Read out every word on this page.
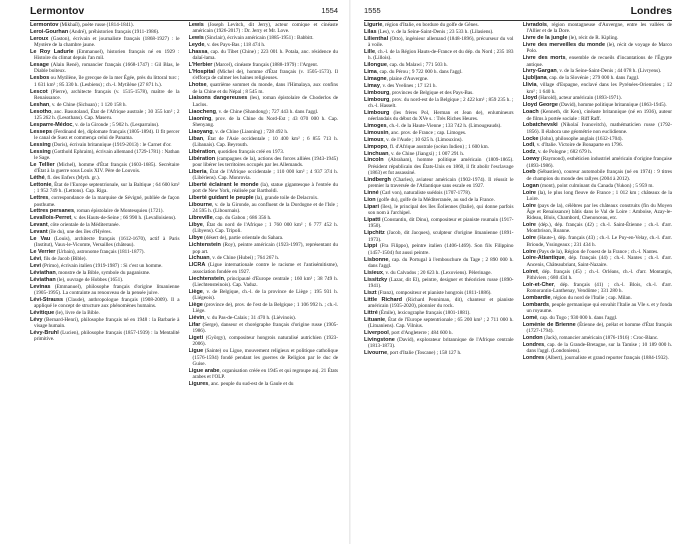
Lermontov	1554

Lermontov (Mikhaïl), poète russe (1814-1841).

Leroi-Gourhan (André), préhistorien français (1911-1986).

Leroux (Gaston), écrivain et journaliste français (1868-1927) : le Mystère de la chambre jaune.

Le Roy Ladurie (Emmanuel), historien français né en 1929 : Histoire du climat depuis l'an mil.

Lesage (Alain René), romancier français (1668-1747) : Gil Blas, le Diable boiteux.

Lesbos ou Mytilène, île grecque de la mer Égée, près du littoral turc ; 1 631 km² ; 85 330 h. (Lesbiens) ; ch.-l. Mytilène (27 871 h.).

Lescot (Pierre), architecte français (v. 1515-1578), maître de la Renaissance.

Leshan, v. de Chine (Sichuan) ; 1 120 158 h.

Lesotho, anc. Basutoland, État de l'Afrique australe ; 30 355 km² ; 2 125 262 h. (Lesothans). Cap. Maseru.

Lesparre-Médoc, v. de la Gironde ; 5 902 h. (Lesparrains).

Lesseps (Ferdinand de), diplomate français (1805-1894). Il fit percer le canal de Suez et commença celui de Panama.

Lessing (Doris), écrivain britannique (1919-2013) : le Carnet d'or.

Lessing (Gotthold Ephraim), écrivain allemand (1729-1781) : Nathan le Sage.

Le Tellier (Michel), homme d'État français (1603-1685). Secrétaire d'État à la guerre sous Louis XIV. Père de Louvois.

Léthé, fl. des Enfers (Myth. gr.).

Lettonie, État de l'Europe septentrionale, sur la Baltique ; 64 600 km² ; 1 952 749 h. (Lettons). Cap. Riga.

Lettres, correspondance de la marquise de Sévigné, publiée de façon posthume.

Lettres persanes, roman épistolaire de Montesquieu (1721).

Levallois-Perret, v. des Hauts-de-Seine ; 66 990 h. (Levalloisiens).

Levant, côte orientale de la Méditerranée.

Levant (île du), une des îles d'Hyères.

Le Vau (Louis), architecte français (1612-1670), actif à Paris (Institut), Vaux-le-Vicomte, Versailles (château).

Le Verrier (Urbain), astronome français (1811-1877).

Lévi, fils de Jacob (Bible).

Levi (Primo), écrivain italien (1919-1987) : Si c'est un homme.

Léviathan, monstre de la Bible, symbole du paganisme.

Léviathan (le), ouvrage de Hobbes (1651).

Levinas (Emmanuel), philosophe français d'origine lituanienne (1905-1995). La contrainte au renouveau de la pensée juive.

Lévi-Strauss (Claude), anthropologue français (1908-2009). Il a appliqué le concept de structure aux phénomènes humains.

Lévitique (le), livre de la Bible.

Lévy (Bernard-Henri), philosophe français né en 1948 : la Barbarie à visage humain.

Lévy-Bruhl (Lucien), philosophe français (1857-1939) : la Mentalité primitive.

Lewis (Joseph Levitch, dit Jerry), acteur comique et cinéaste américain (1926-2017) : Dr. Jerry et Mr. Love.

Lewis (Sinclair), écrivain américain (1885-1951) : Babbitt.

Leyde, v. des Pays-Bas ; 118 474 h.

Lhassa, cap. du Tibet (Chine) ; 223 001 h. Potala, anc. résidence du dalaï-lama.

L'Herbier (Marcel), cinéaste français (1888-1979) : l'Argent.

L'Hospital (Michel de), homme d'État français (v. 1505-1573). Il s'efforça de calmer les haines religieuses.

Lhotse, quatrième sommet du monde, dans l'Himalaya, aux confins de la Chine et du Népal ; 8 545 m.

Liaisons dangereuses (les), roman épistolaire de Choderlos de Laclos.

Liaocheng, v. de Chine (Shandong) ; 727 443 h. dans l'aggl.

Liaoning, prov. de la Chine du Nord-Est ; 43 070 000 h. Cap. Shenyang.

Liaoyang, v. de Chine (Liaoning) ; 728 492 h.

Liban, État de l'Asie occidentale ; 10 400 km² ; 6 855 713 h. (Libanais). Cap. Beyrouth.

Libération, quotidien français créé en 1973.

Libération (campagnes de la), actions des forces alliées (1943-1945) pour libérer les territoires occupés par les Allemands.

Liberia, État de l'Afrique occidentale ; 110 000 km² ; 4 937 374 h. (Libériens). Cap. Monrovia.

Liberté éclairant le monde (la), statue gigantesque à l'entrée du port de New York, réalisée par Bartholdi.

Liberté guidant le peuple (la), grande toile de Delacroix.

Libourne, v. de la Gironde, au confluent de la Dordogne et de l'Isle ; 24 595 h. (Libournais).

Libreville, cap. du Gabon ; 686 356 h.

Libye, État du nord de l'Afrique ; 1 760 000 km² ; 6 777 452 h. (Libyens). Cap. Tripoli.

Libye (désert de), partie orientale du Sahara.

Lichtenstein (Roy), peintre américain (1923-1997), représentant du pop art.

Lichuan, v. de Chine (Hubei) ; 764 267 h.

LICRA (Ligue internationale contre le racisme et l'antisémitisme), association fondée en 1927.

Liechtenstein, principauté d'Europe centrale ; 160 km² ; 38 749 h. (Liechtensteinois). Cap. Vaduz.

Liège, v. de Belgique, ch.-l. de la province de Liège ; 195 931 h. (Liégeois).

Liège (province de), prov. de l'est de la Belgique ; 1 106 992 h. ; ch.-l. Liège.

Liévin, v. du Pas-de-Calais ; 31 470 h. (Liévinois).

Lifar (Serge), danseur et chorégraphe français d'origine russe (1905-1986).

Ligeti (György), compositeur hongrois naturalisé autrichien (1923-2006).

Ligue (Sainte) ou Ligue, mouvement religieux et politique catholique (1576-1594) fondé pendant les guerres de Religion par le duc de Guise.

Ligue arabe, organisation créée en 1945 et qui regroupe auj. 21 États arabes et l'OLP.

Ligures, anc. peuple du sud-est de la Gaule et du

1555	Londres

Ligurie, région d'Italie, en bordure du golfe de Gênes.

Lilas (Les), v. de la Seine-Saint-Denis ; 23 533 h. (Lilasiens).

Lilienthal (Otto), ingénieur allemand (1848-1896), précurseur du vol à voile.

Lille, ch.-l. de la Région Hauts-de-France et du dép. du Nord ; 235 183 h. (Lillois).

Lilongue, cap. du Malawi ; 771 503 h.

Lima, cap. du Pérou ; 9 722 000 h. dans l'aggl.

Limagne, plaine d'Auvergne.

Limay, v. des Yvelines ; 17 121 h.

Limbourg, provinces de Belgique et des Pays-Bas.

Limbourg, prov. du nord-est de la Belgique ; 2 422 km² ; 859 235 h. ; ch.-l. Hasselt.

Limbourg (les frères Pol, Herman et Jean de), enlumineurs néerlandais du début du XVe s. : Très Riches Heures.

Limoges, ch.-l. de la Haute-Vienne ; 133 742 h. (Limougeauds).

Limousin, anc. prov. de France ; cap. Limoges.

Limoux, v. de l'Aude ; 10 625 h. (Limouxins).

Limpopo, fl. d'Afrique australe (océan Indien) ; 1 600 km.

Linchuan, v. de Chine (Jiangxi) ; 1 007 291 h.

Lincoln (Abraham), homme politique américain (1809-1865). Président républicain des États-Unis en 1860, il fit abolir l'esclavage (1863) et fut assassiné.

Lindbergh (Charles), aviateur américain (1902-1974). Il réussit le premier la traversée de l'Atlantique sans escale en 1927.

Linné (Carl von), naturaliste suédois (1707-1778).

Lion (golfe du), golfe de la Méditerranée, au sud de la France.

Lipari (îles), le principal des îles Éoliennes (Italie), qui donne parfois son nom à l'archipel.

Lipatti (Constantin, dit Dinu), compositeur et pianiste roumain (1917-1950).

Lipchitz (Jacob, dit Jacques), sculpteur d'origine lituanienne (1891-1973).

Lippi (Fra Filippo), peintre italien (1406-1469). Son fils Filippino (1457-1504) fut aussi peintre.

Lisbonne, cap. du Portugal à l'embouchure du Tage ; 2 890 000 h. dans l'aggl.

Lisieux, v. du Calvados ; 20 623 h. (Lexoviens). Pèlerinage.

Lissitzky (Lazar, dit El), peintre, designer et théoricien russe (1890-1941).

Liszt (Franz), compositeur et pianiste hongrois (1811-1886).

Little Richard (Richard Penniman, dit), chanteur et pianiste américain (1935-2020), pionnier du rock.

Littré (Émile), lexicographe français (1801-1881).

Lituanie, État de l'Europe septentrionale ; 65 200 km² ; 2 711 000 h. (Lituaniens). Cap. Vilnius.

Liverpool, port d'Angleterre ; 484 600 h.

Livingstone (David), explorateur britannique de l'Afrique centrale (1813-1873).

Livourne, port d'Italie (Toscane) ; 158 127 h.

Livradois, région montagneuse d'Auvergne, entre les vallées de l'Allier et de la Dore.

Livre de la jungle (le), récit de R. Kipling.

Livre des merveilles du monde (le), récit de voyage de Marco Polo.

Livre des morts, ensemble de recueils d'incantations de l'Égypte antique.

Livry-Gargan, v. de la Seine-Saint-Denis ; 44 078 h. (Livryens).

Ljubljana, cap. de la Slovénie ; 279 000 h. dans l'aggl.

Llivia, village d'Espagne, enclavé dans les Pyrénées-Orientales ; 12 km² ; 1 640 h.

Lloyd (Harold), acteur américain (1893-1971).

Lloyd George (David), homme politique britannique (1863-1945).

Loach (Kenneth, dit Ken), cinéaste britannique (né en 1936), auteur de films à portée sociale : Riff Raff.

Lobatchevski (Nikolaï Ivanovitch), mathématicien russe (1792-1856). Il élabora une géométrie non euclidienne.

Locke (John), philosophe anglais (1632-1704).

Lodi, v. d'Italie. Victoire de Bonaparte en 1796.

Lodz, v. de Pologne ; 682 679 h.

Loewy (Raymond), esthéticien industriel américain d'origine française (1893-1986).

Loeb (Sébastien), coureur automobile français (né en 1974) : 9 titres de champion du monde des rallyes (2004 à 2012).

Logan (mont), point culminant du Canada (Yukon) ; 5 959 m.

Loire (la), le plus long fleuve de France ; 1 012 km ; châteaux de la Loire.

Loire (pays de la), célèbres par les châteaux construits (fin du Moyen Âge et Renaissance) bâtis dans le Val de Loire : Amboise, Azay-le-Rideau, Blois, Chambord, Chenonceau, etc.

Loire (dép.), dép. français (42) ; ch.-l. Saint-Étienne ; ch.-l. d'arr. Montbrison, Roanne.

Loire (Haute-), dép. français (43) ; ch.-l. Le Puy-en-Velay, ch.-l. d'arr. Brioude, Yssingeaux ; 231 434 h.

Loire (Pays de la), Région de l'ouest de la France ; ch.-l. Nantes.

Loire-Atlantique, dép. français (44) ; ch.-l. Nantes ; ch.-l. d'arr. Ancenis, Châteaubriant, Saint-Nazaire.

Loiret, dép. français (45) ; ch.-l. Orléans, ch.-l. d'arr. Montargis, Pithiviers ; 680 434 h.

Loir-et-Cher, dép. français (41) ; ch.-l. Blois, ch.-l. d'arr. Romorantin-Lanthenay, Vendôme ; 331 280 h.

Lombardie, région du nord de l'Italie ; cap. Milan.

Lombards, peuple germanique qui envahit l'Italie au VIe s. et y fonda un royaume.

Lomé, cap. du Togo ; 930 000 h. dans l'aggl.

Loménie de Brienne (Étienne de), prélat et homme d'État français (1727-1794).

London (Jack), romancier américain (1876-1916) : Croc-Blanc.

Londres, cap. de la Grande-Bretagne, sur la Tamise ; 10 189 000 h. dans l'aggl. (Londoniens).

Londres (Albert), journaliste et grand reporter français (1884-1932).
